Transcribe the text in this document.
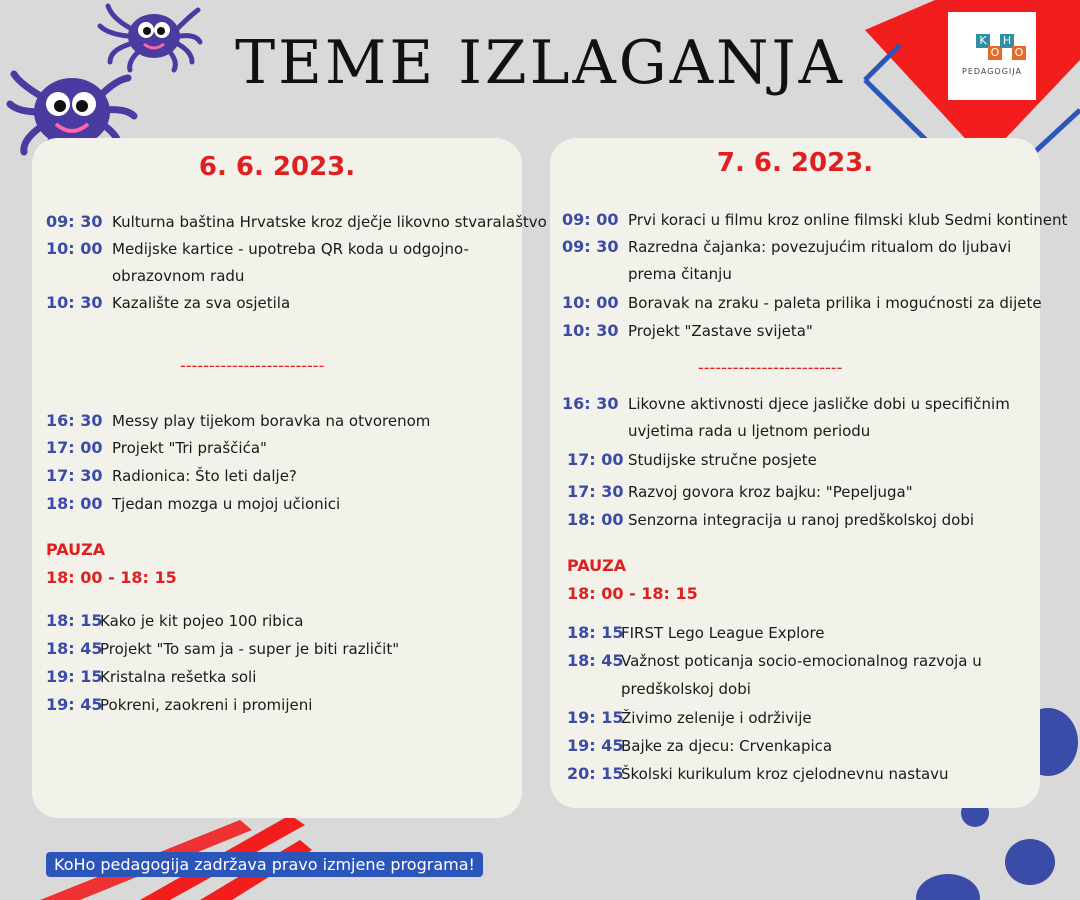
K
O
H
O
PEDAGOGIJA
TEME IZLAGANJA
6. 6. 2023.
09: 30 Kulturna baština Hrvatske kroz dječje likovno stvaralaštvo
10: 00 Medijske kartice - upotreba QR koda u odgojno-
obrazovnom radu
10: 30 Kazalište za sva osjetila
-------------------------
16: 30 Messy play tijekom boravka na otvorenom
17: 00 Projekt "Tri praščića"
17: 30 Radionica: Što leti dalje?
18: 00 Tjedan mozga u mojoj učionici
PAUZA
18: 00 - 18: 15
18: 15
Kako je kit pojeo 100 ribica
18: 45
Projekt "To sam ja - super je biti različit"
19: 15
Kristalna rešetka soli
19: 45
Pokreni, zaokreni i promijeni
7. 6. 2023.
09: 00 Prvi koraci u filmu kroz online filmski klub Sedmi kontinent
09: 30 Razredna čajanka: povezujućim ritualom do ljubavi
prema čitanju
10: 00 Boravak na zraku - paleta prilika i mogućnosti za dijete
10: 30 Projekt "Zastave svijeta"
-------------------------
16: 30 Likovne aktivnosti djece jasličke dobi u specifičnim
uvjetima rada u ljetnom periodu
17: 00 Studijske stručne posjete
17: 30 Razvoj govora kroz bajku: "Pepeljuga"
18: 00 Senzorna integracija u ranoj predškolskoj dobi
PAUZA
18: 00 - 18: 15
18: 15
FIRST Lego League Explore
18: 45
Važnost poticanja socio-emocionalnog razvoja u
predškolskoj dobi
19: 15
Živimo zelenije i održivije
19: 45
Bajke za djecu: Crvenkapica
20: 15
Školski kurikulum kroz cjelodnevnu nastavu
KoHo pedagogija zadržava pravo izmjene programa!
